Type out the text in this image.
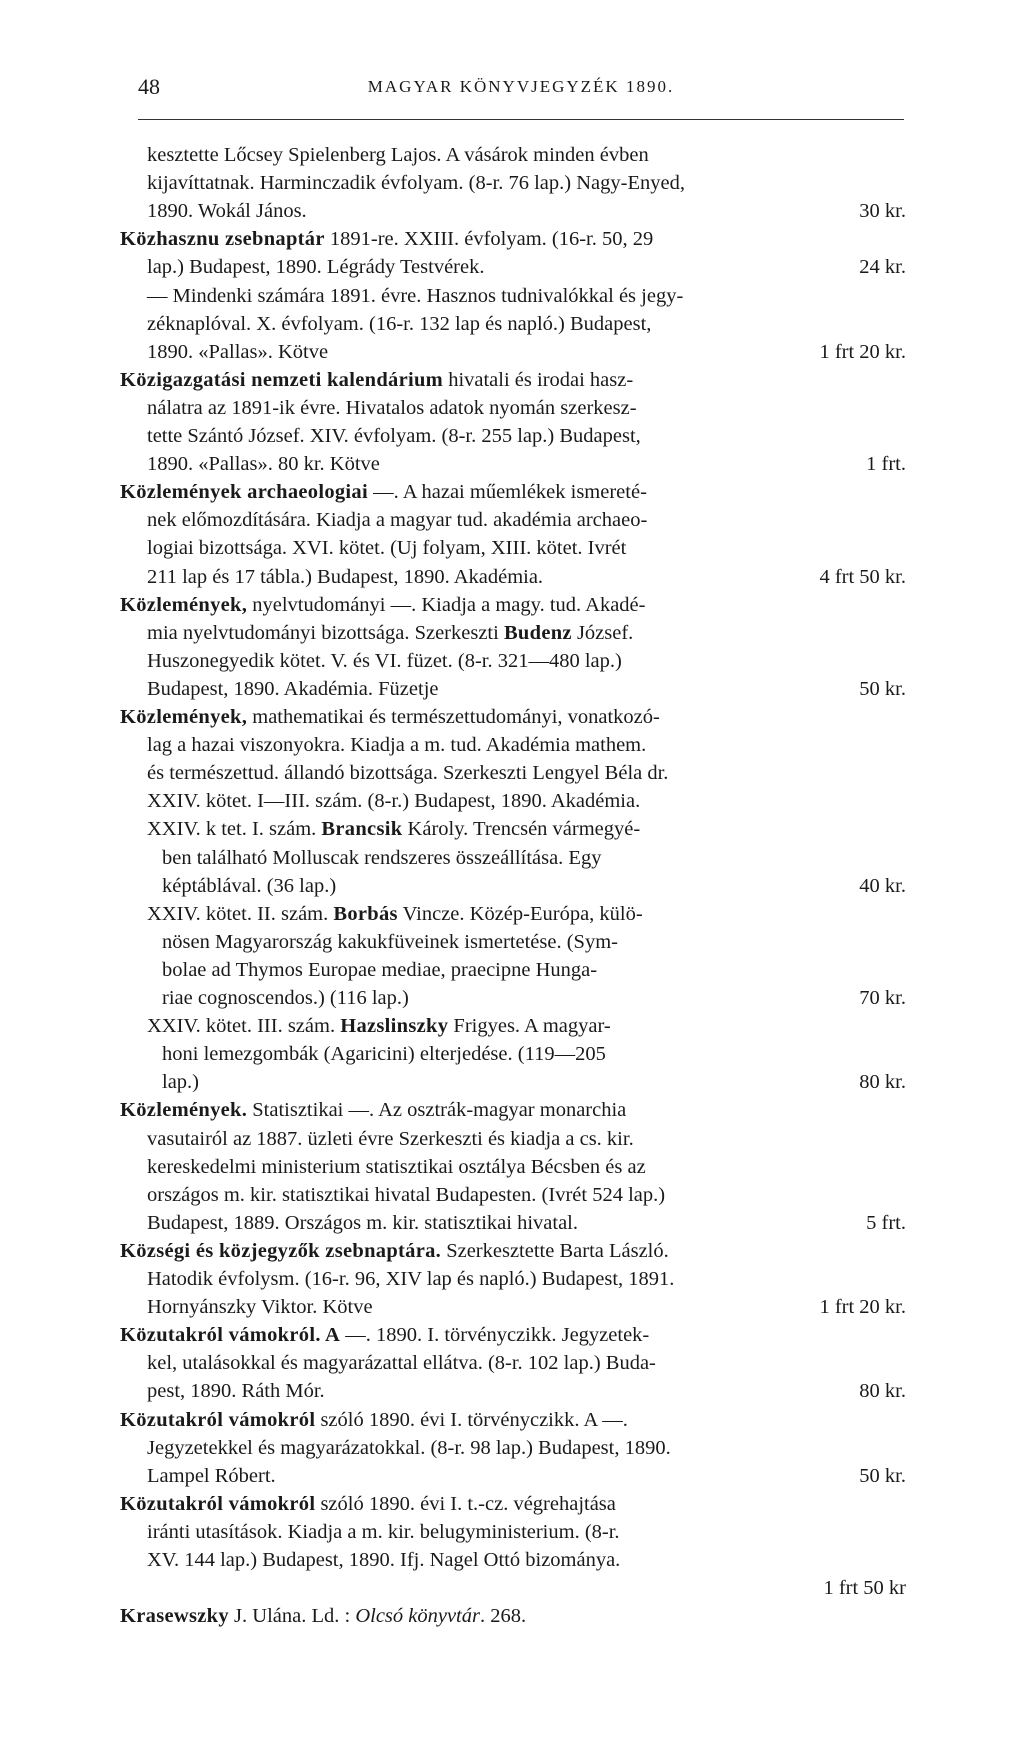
48	MAGYAR KÖNYVJEGYZÉK 1890.
kesztette Lőcsey Spielenberg Lajos. A vásárok minden évben
kijavíttatnak. Harminczadik évfolyam. (8-r. 76 lap.) Nagy-Enyed,
1890. Wokál János.	30 kr.
Közhasznu zsebnaptár 1891-re. XXIII. évfolyam. (16-r. 50, 29
lap.) Budapest, 1890. Légrády Testvérek.	24 kr.
— Mindenki számára 1891. évre. Hasznos tudnivalókkal és jegy-
zéknaplóval. X. évfolyam. (16-r. 132 lap és napló.) Budapest,
1890. «Pallas». Kötve	1 frt 20 kr.
Közigazgatási nemzeti kalendárium hivatali és irodai hasz-
nálatra az 1891-ik évre. Hivatalos adatok nyomán szerkesz-
tette Szántó József. XIV. évfolyam. (8-r. 255 lap.) Budapest,
1890. «Pallas». 80 kr. Kötve	1 frt.
Közlemények archaeologiai —. A hazai műemlékek ismereté-
nek előmozdítására. Kiadja a magyar tud. akadémia archaeo-
logiai bizottsága. XVI. kötet. (Uj folyam, XIII. kötet. Ivrét
211 lap és 17 tábla.) Budapest, 1890. Akadémia.	4 frt 50 kr.
Közlemények, nyelvtudományi —. Kiadja a magy. tud. Akadé-
mia nyelvtudományi bizottsága. Szerkeszti Budenz József.
Huszonegyedik kötet. V. és VI. füzet. (8-r. 321—480 lap.)
Budapest, 1890. Akadémia. Füzetje	50 kr.
Közlemények, mathematikai és természettudományi, vonatkozó-
lag a hazai viszonyokra. Kiadja a m. tud. Akadémia mathem.
és természettud. állandó bizottsága. Szerkeszti Lengyel Béla dr.
XXIV. kötet. I—III. szám. (8-r.) Budapest, 1890. Akadémia.
XXIV. k tet. I. szám. Brancsik Károly. Trencsén vármegyé-
ben található Molluscak rendszeres összeállítása. Egy
képtáblával. (36 lap.)	40 kr.
XXIV. kötet. II. szám. Borbás Vincze. Közép-Európa, külö-
nösen Magyarország kakukfüveinek ismertetése. (Sym-
bolae ad Thymos Europae mediae, praecipne Hunga-
riae cognoscendos.) (116 lap.)	70 kr.
XXIV. kötet. III. szám. Hazslinszky Frigyes. A magyar-
honi lemezgombák (Agaricini) elterjedése. (119—205
lap.)	80 kr.
Közlemények. Statisztikai —. Az osztrák-magyar monarchia
vasutairól az 1887. üzleti évre Szerkeszti és kiadja a cs. kir.
kereskedelmi ministerium statisztikai osztálya Bécsben és az
országos m. kir. statisztikai hivatal Budapesten. (Ivrét 524 lap.)
Budapest, 1889. Országos m. kir. statisztikai hivatal.	5 frt.
Községi és közjegyzők zsebnaptára. Szerkesztette Barta László.
Hatodik évfolysm. (16-r. 96, XIV lap és napló.) Budapest, 1891.
Hornyánszky Viktor. Kötve	1 frt 20 kr.
Közutakról vámokról. A —. 1890. I. törvényczikk. Jegyzetek-
kel, utalásokkal és magyarázattal ellátva. (8-r. 102 lap.) Buda-
pest, 1890. Ráth Mór.	80 kr.
Közutakról vámokról szóló 1890. évi I. törvényczikk. A —.
Jegyzetekkel és magyarázatokkal. (8-r. 98 lap.) Budapest, 1890.
Lampel Róbert.	50 kr.
Közutakról vámokról szóló 1890. évi I. t.-cz. végrehajtása
iránti utasítások. Kiadja a m. kir. belugyministerium. (8-r.
XV. 144 lap.) Budapest, 1890. Ifj. Nagel Ottó bizománya.
1 frt 50 kr
Krasewszky J. Ulána. Ld. : Olcsó könyvtár. 268.
